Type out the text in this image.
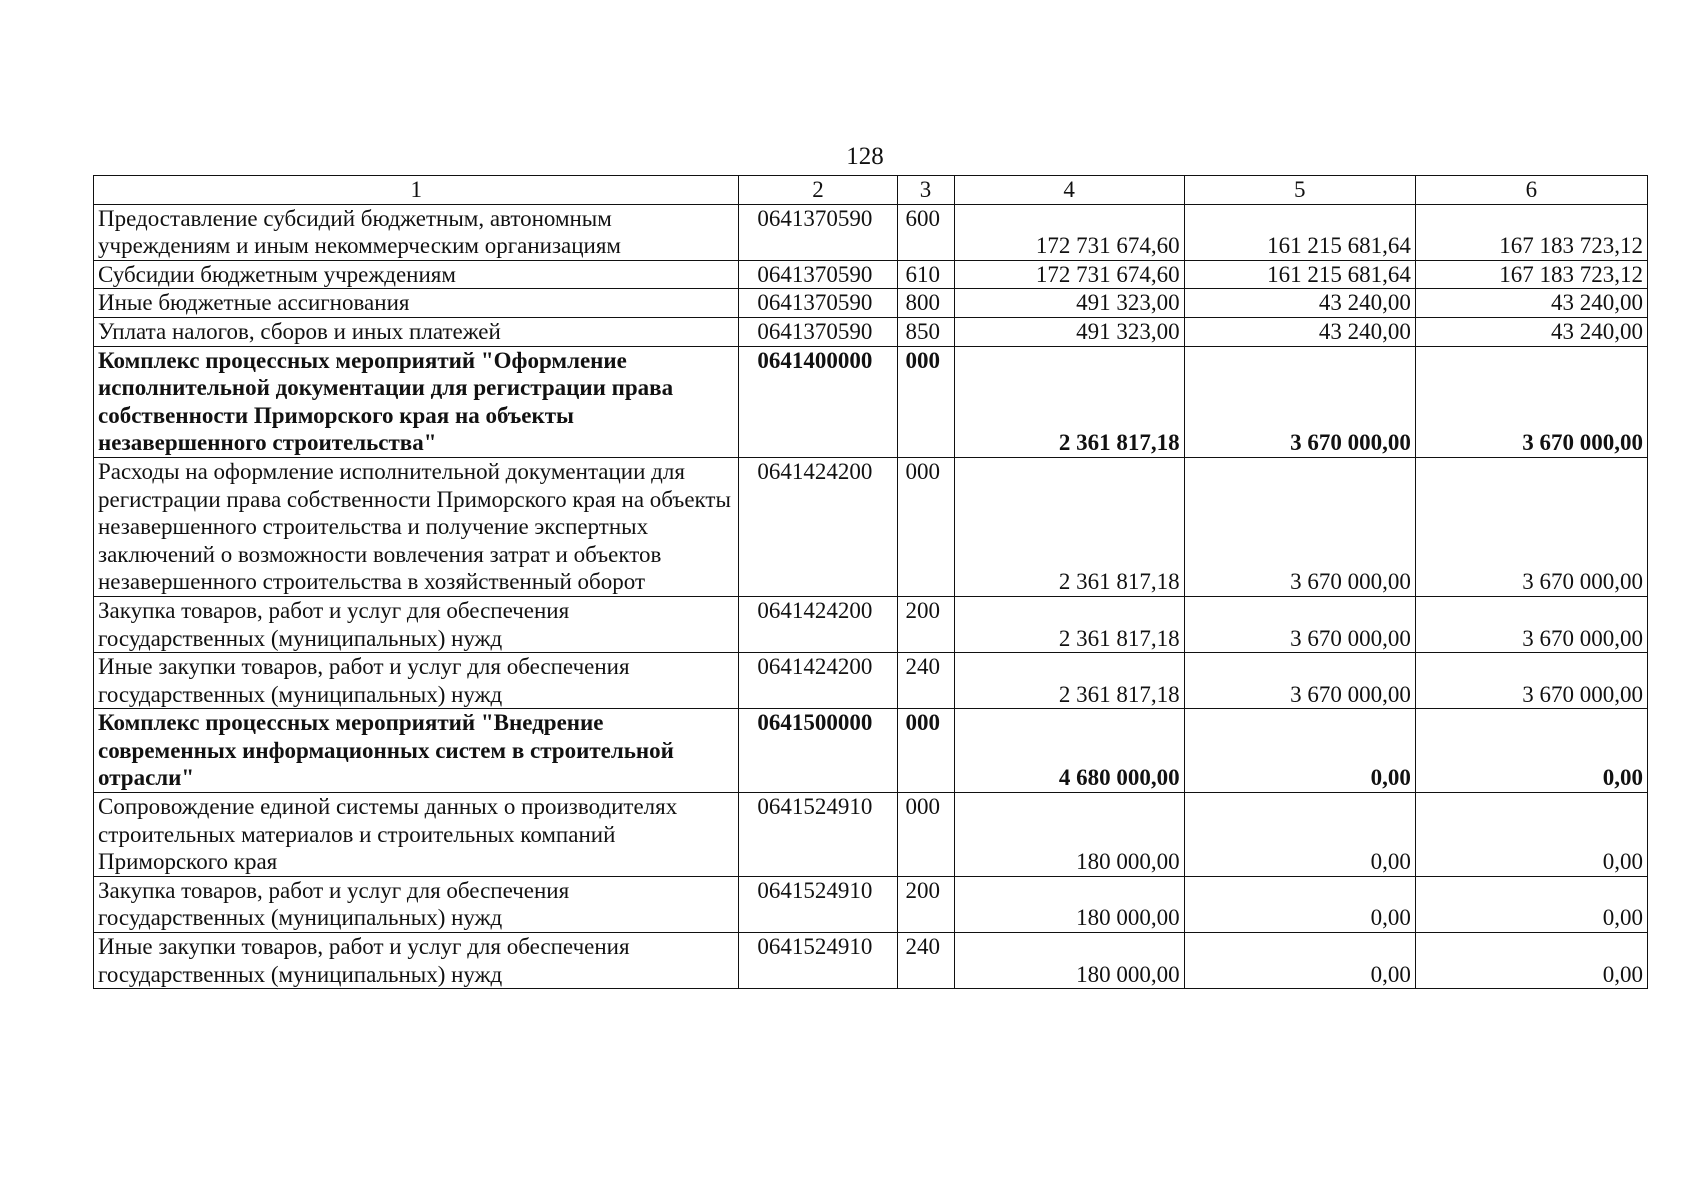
128
1	2	3	4	5	6
Предоставление субсидий бюджетным, автономным учреждениям и иным некоммерческим организациям	0641370590	600	172 731 674,60	161 215 681,64	167 183 723,12
Субсидии бюджетным учреждениям	0641370590	610	172 731 674,60	161 215 681,64	167 183 723,12
Иные бюджетные ассигнования	0641370590	800	491 323,00	43 240,00	43 240,00
Уплата налогов, сборов и иных платежей	0641370590	850	491 323,00	43 240,00	43 240,00
Комплекс процессных мероприятий "Оформление исполнительной документации для регистрации права собственности Приморского края на объекты незавершенного строительства"	0641400000	000	2 361 817,18	3 670 000,00	3 670 000,00
Расходы на оформление исполнительной документации для регистрации права собственности Приморского края на объекты незавершенного строительства и получение экспертных заключений о возможности вовлечения затрат и объектов незавершенного строительства в хозяйственный оборот	0641424200	000	2 361 817,18	3 670 000,00	3 670 000,00
Закупка товаров, работ и услуг для обеспечения государственных (муниципальных) нужд	0641424200	200	2 361 817,18	3 670 000,00	3 670 000,00
Иные закупки товаров, работ и услуг для обеспечения государственных (муниципальных) нужд	0641424200	240	2 361 817,18	3 670 000,00	3 670 000,00
Комплекс процессных мероприятий "Внедрение современных информационных систем в строительной отрасли"	0641500000	000	4 680 000,00	0,00	0,00
Сопровождение единой системы данных о производителях строительных материалов и строительных компаний Приморского края	0641524910	000	180 000,00	0,00	0,00
Закупка товаров, работ и услуг для обеспечения государственных (муниципальных) нужд	0641524910	200	180 000,00	0,00	0,00
Иные закупки товаров, работ и услуг для обеспечения государственных (муниципальных) нужд	0641524910	240	180 000,00	0,00	0,00
